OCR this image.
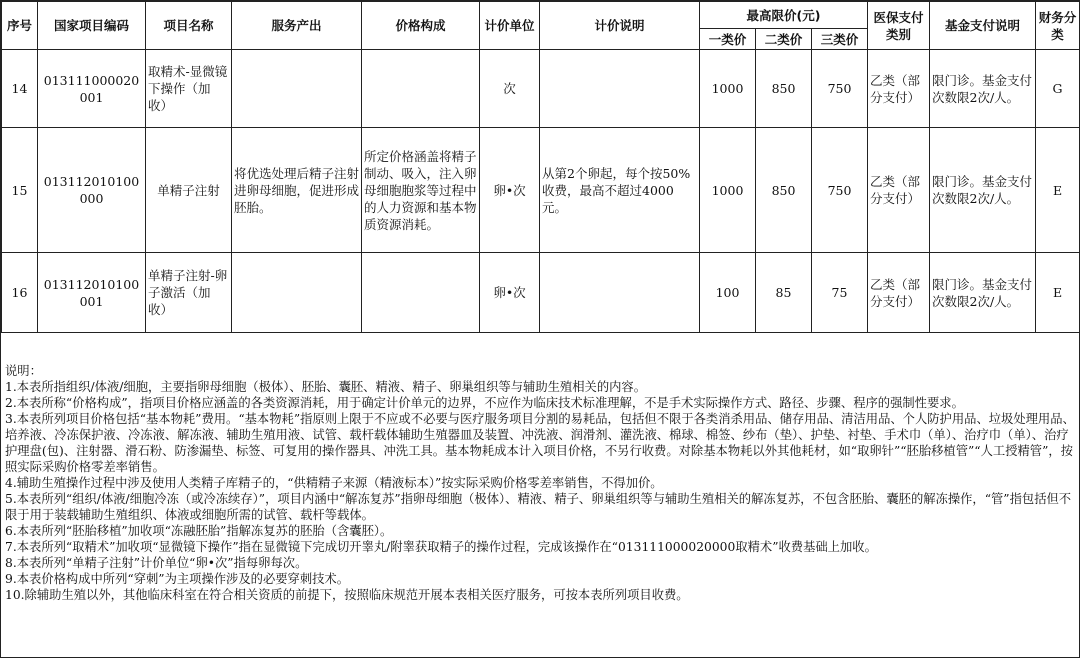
序号	国家项目编码	项目名称	服务产出	价格构成	计价单位	计价说明	最高限价(元)			医保支付类别	基金支付说明	财务分类
							一类价	二类价	三类价			
14	013111000020001	取精术-显微镜下操作（加收）			次		1000	850	750	乙类（部分支付）	限门诊。基金支付次数限2次/人。	G
15	013112010100000	单精子注射	将优选处理后精子注射进卵母细胞，促进形成胚胎。	所定价格涵盖将精子制动、吸入，注入卵母细胞胞浆等过程中的人力资源和基本物质资源消耗。	卵•次	从第2个卵起，每个按50%收费，最高不超过4000元。	1000	850	750	乙类（部分支付）	限门诊。基金支付次数限2次/人。	E
16	013112010100001	单精子注射-卵子激活（加收）			卵•次		100	85	75	乙类（部分支付）	限门诊。基金支付次数限2次/人。	E
说明：
1.本表所指组织/体液/细胞，主要指卵母细胞（极体）、胚胎、囊胚、精液、精子、卵巢组织等与辅助生殖相关的内容。
2.本表所称“价格构成”，指项目价格应涵盖的各类资源消耗，用于确定计价单元的边界，不应作为临床技术标准理解，不是手术实际操作方式、路径、步骤、程序的强制性要求。
3.本表所列项目价格包括“基本物耗”费用。“基本物耗”指原则上限于不应或不必要与医疗服务项目分割的易耗品，包括但不限于各类消杀用品、储存用品、清洁用品、个人防护用品、垃圾处理用品、培养液、冷冻保护液、冷冻液、解冻液、辅助生殖用液、试管、载杆载体辅助生殖器皿及装置、冲洗液、润滑剂、灌洗液、棉球、棉签、纱布（垫）、护垫、衬垫、手术巾（单）、治疗巾（单）、治疗护理盘(包)、注射器、滑石粉、防渗漏垫、标签、可复用的操作器具、冲洗工具。基本物耗成本计入项目价格，不另行收费。对除基本物耗以外其他耗材，如“取卵针”“胚胎移植管”“人工授精管”，按照实际采购价格零差率销售。
4.辅助生殖操作过程中涉及使用人类精子库精子的，“供精精子来源（精液标本）”按实际采购价格零差率销售，不得加价。
5.本表所列“组织/体液/细胞冷冻（或冷冻续存）”，项目内涵中“解冻复苏”指卵母细胞（极体）、精液、精子、卵巢组织等与辅助生殖相关的解冻复苏，不包含胚胎、囊胚的解冻操作，“管”指包括但不限于用于装载辅助生殖组织、体液或细胞所需的试管、载杆等载体。
6.本表所列“胚胎移植”加收项“冻融胚胎”指解冻复苏的胚胎（含囊胚）。
7.本表所列“取精术”加收项“显微镜下操作”指在显微镜下完成切开睾丸/附睾获取精子的操作过程，完成该操作在“013111000020000取精术”收费基础上加收。
8.本表所列“单精子注射”计价单位“卵•次”指每卵每次。
9.本表价格构成中所列“穿刺”为主项操作涉及的必要穿刺技术。
10.除辅助生殖以外，其他临床科室在符合相关资质的前提下，按照临床规范开展本表相关医疗服务，可按本表所列项目收费。
